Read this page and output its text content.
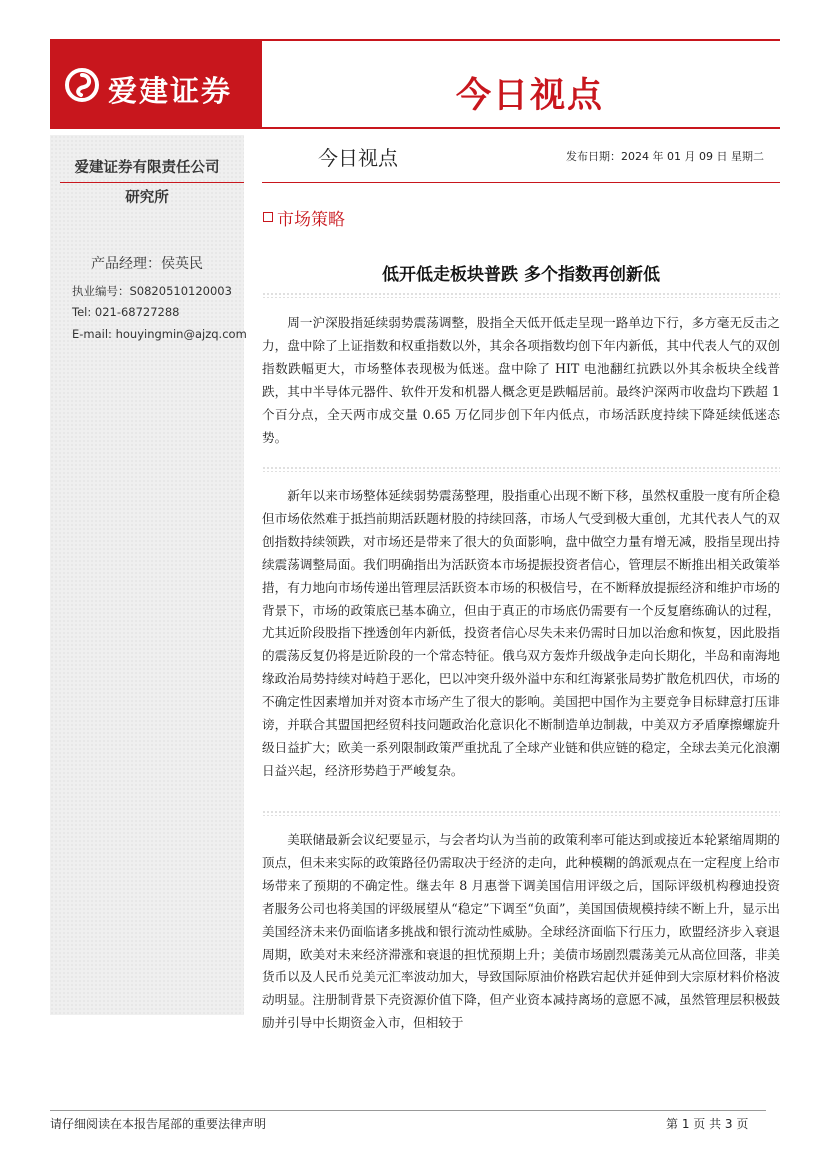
爱建证券	今日视点
爱建证券有限责任公司
研究所
产品经理：侯英民
执业编号：S0820510120003
Tel: 021-68727288
E-mail: houyingmin@ajzq.com
今日视点	发布日期：2024 年 01 月 09 日 星期二
市场策略
低开低走板块普跌 多个指数再创新低

周一沪深股指延续弱势震荡调整，股指全天低开低走呈现一路单边下行，多方毫无反击之力，盘中除了上证指数和权重指数以外，其余各项指数均创下年内新低，其中代表人气的双创指数跌幅更大，市场整体表现极为低迷。盘中除了 HIT 电池翻红抗跌以外其余板块全线普跌，其中半导体元器件、软件开发和机器人概念更是跌幅居前。最终沪深两市收盘均下跌超 1 个百分点，全天两市成交量 0.65 万亿同步创下年内低点，市场活跃度持续下降延续低迷态势。

新年以来市场整体延续弱势震荡整理，股指重心出现不断下移，虽然权重股一度有所企稳但市场依然难于抵挡前期活跃题材股的持续回落，市场人气受到极大重创，尤其代表人气的双创指数持续领跌，对市场还是带来了很大的负面影响，盘中做空力量有增无减，股指呈现出持续震荡调整局面。我们明确指出为活跃资本市场提振投资者信心，管理层不断推出相关政策举措，有力地向市场传递出管理层活跃资本市场的积极信号，在不断释放提振经济和维护市场的背景下，市场的政策底已基本确立，但由于真正的市场底仍需要有一个反复磨练确认的过程，尤其近阶段股指下挫透创年内新低，投资者信心尽失未来仍需时日加以治愈和恢复，因此股指的震荡反复仍将是近阶段的一个常态特征。俄乌双方轰炸升级战争走向长期化，半岛和南海地缘政治局势持续对峙趋于恶化，巴以冲突升级外溢中东和红海紧张局势扩散危机四伏，市场的不确定性因素增加并对资本市场产生了很大的影响。美国把中国作为主要竞争目标肆意打压诽谤，并联合其盟国把经贸科技问题政治化意识化不断制造单边制裁，中美双方矛盾摩擦螺旋升级日益扩大；欧美一系列限制政策严重扰乱了全球产业链和供应链的稳定，全球去美元化浪潮日益兴起，经济形势趋于严峻复杂。

美联储最新会议纪要显示，与会者均认为当前的政策利率可能达到或接近本轮紧缩周期的顶点，但未来实际的政策路径仍需取决于经济的走向，此种模糊的鸽派观点在一定程度上给市场带来了预期的不确定性。继去年 8 月惠誉下调美国信用评级之后，国际评级机构穆迪投资者服务公司也将美国的评级展望从“稳定”下调至“负面”，美国国债规模持续不断上升，显示出美国经济未来仍面临诸多挑战和银行流动性威胁。全球经济面临下行压力，欧盟经济步入衰退周期，欧美对未来经济滞涨和衰退的担忧预期上升；美债市场剧烈震荡美元从高位回落，非美货币以及人民币兑美元汇率波动加大，导致国际原油价格跌宕起伏并延伸到大宗原材料价格波动明显。注册制背景下壳资源价值下降，但产业资本减持离场的意愿不减，虽然管理层积极鼓励并引导中长期资金入市，但相较于

请仔细阅读在本报告尾部的重要法律声明	第 1 页 共 3 页
